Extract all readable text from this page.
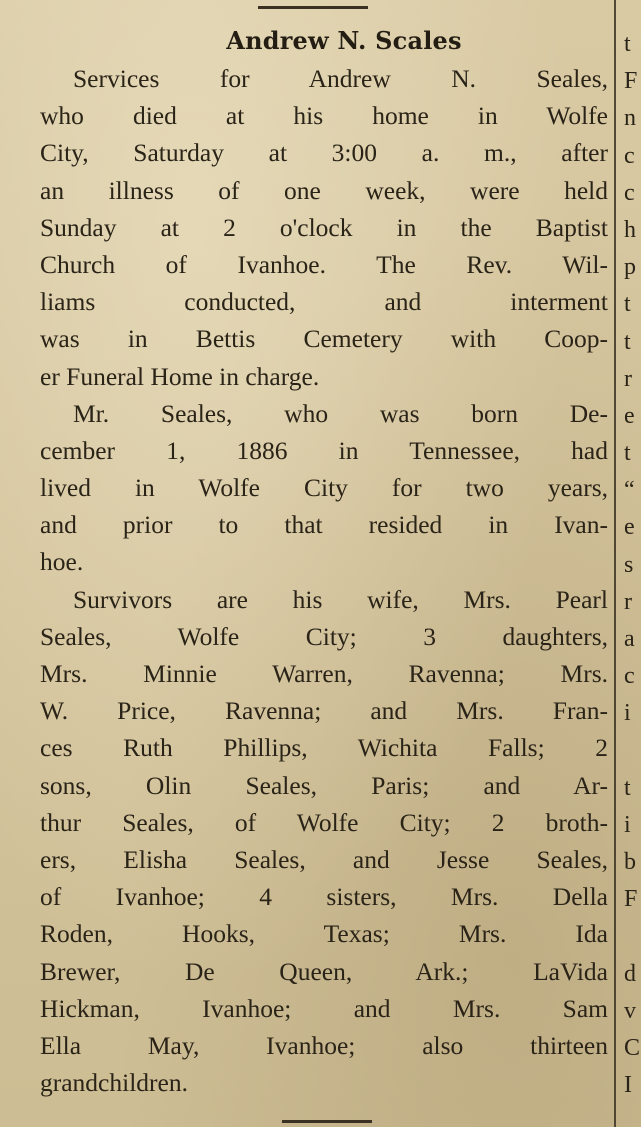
Andrew N. Scales
Services for Andrew N. Seales,
who died at his home in Wolfe
City, Saturday at 3:00 a. m., after
an illness of one week, were held
Sunday at 2 o'clock in the Baptist
Church of Ivanhoe. The Rev. Wil-
liams conducted, and interment
was in Bettis Cemetery with Coop-
er Funeral Home in charge.
Mr. Seales, who was born De-
cember 1, 1886 in Tennessee, had
lived in Wolfe City for two years,
and prior to that resided in Ivan-
hoe.
Survivors are his wife, Mrs. Pearl
Seales, Wolfe City; 3 daughters,
Mrs. Minnie Warren, Ravenna; Mrs.
W. Price, Ravenna; and Mrs. Fran-
ces Ruth Phillips, Wichita Falls; 2
sons, Olin Seales, Paris; and Ar-
thur Seales, of Wolfe City; 2 broth-
ers, Elisha Seales, and Jesse Seales,
of Ivanhoe; 4 sisters, Mrs. Della
Roden, Hooks, Texas; Mrs. Ida
Brewer, De Queen, Ark.; LaVida
Hickman, Ivanhoe; and Mrs. Sam
Ella May, Ivanhoe; also thirteen
grandchildren.
t
F
n
c
c
h
p
t
t
r
e
t
“
e
s
r
a
c
i
t
i
b
F
d
v
C
I
